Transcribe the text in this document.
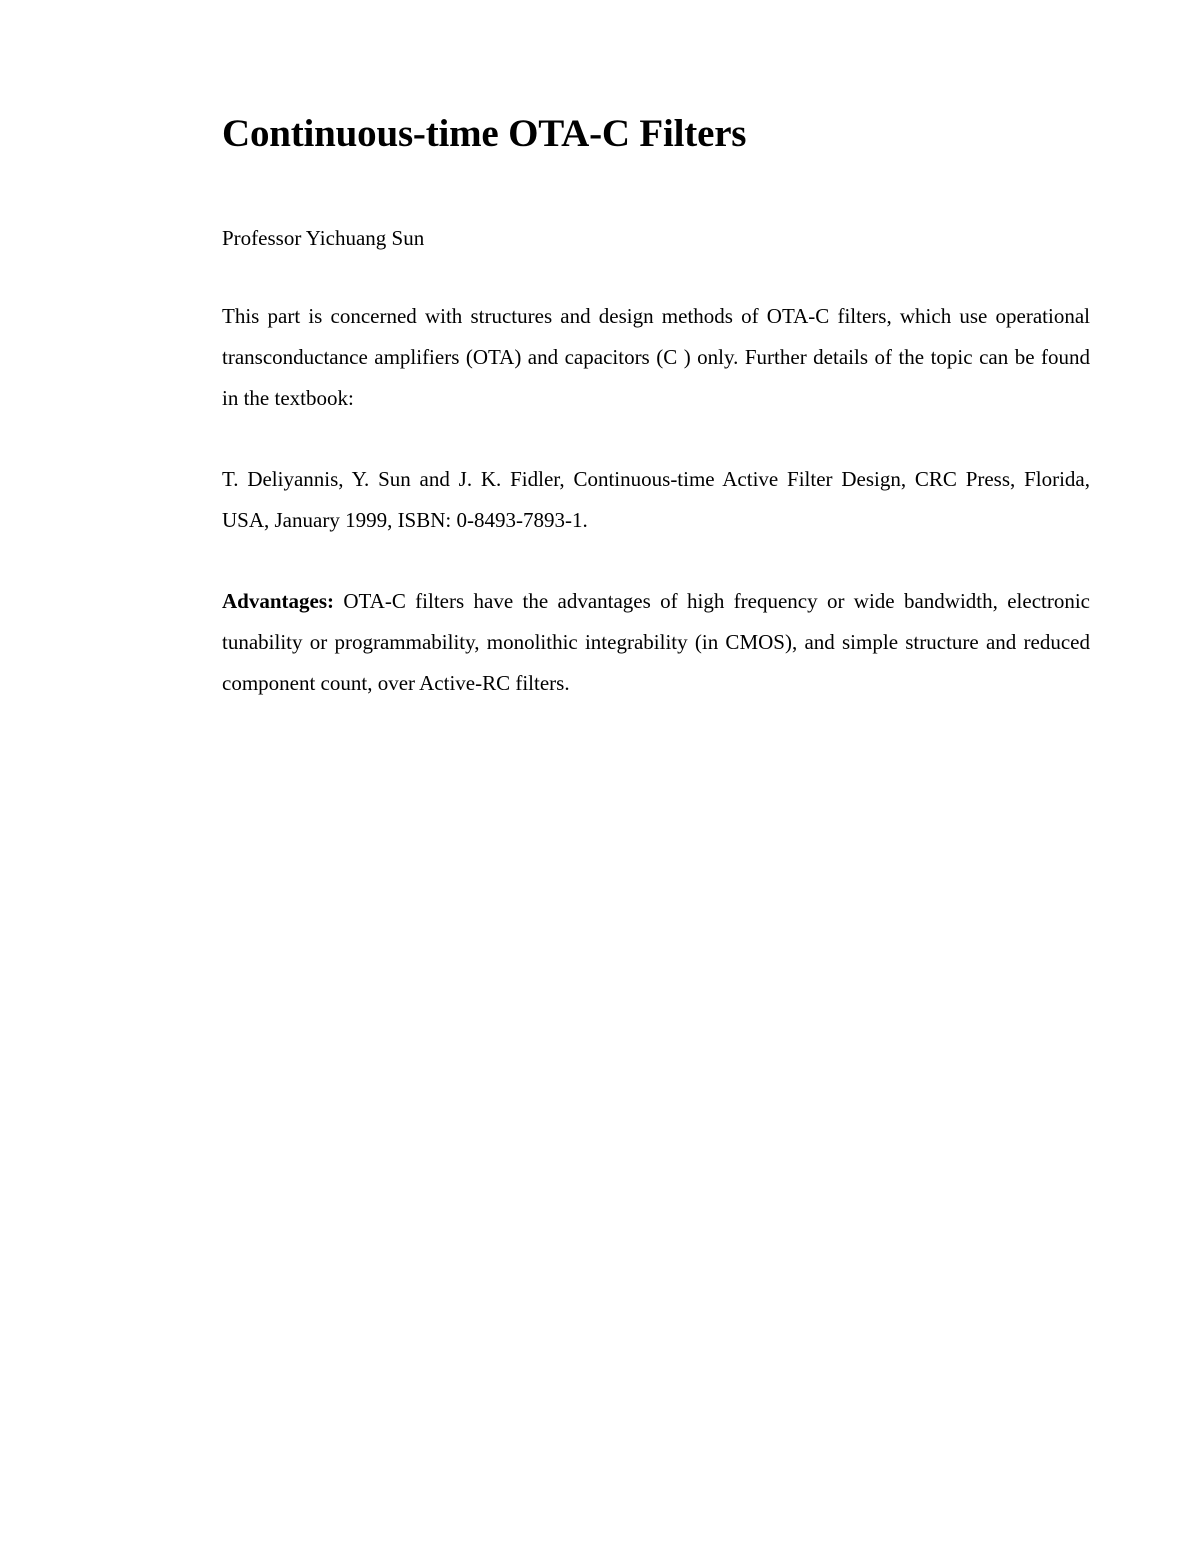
Continuous-time OTA-C Filters

Professor Yichuang Sun

This part is concerned with structures and design methods of OTA-C filters, which use operational transconductance amplifiers (OTA) and capacitors (C ) only. Further details of the topic can be found in the textbook:

T. Deliyannis, Y. Sun and J. K. Fidler, Continuous-time Active Filter Design, CRC Press, Florida, USA, January 1999, ISBN: 0-8493-7893-1.

Advantages: OTA-C filters have the advantages of high frequency or wide bandwidth, electronic tunability or programmability, monolithic integrability (in CMOS), and simple structure and reduced component count, over Active-RC filters.
